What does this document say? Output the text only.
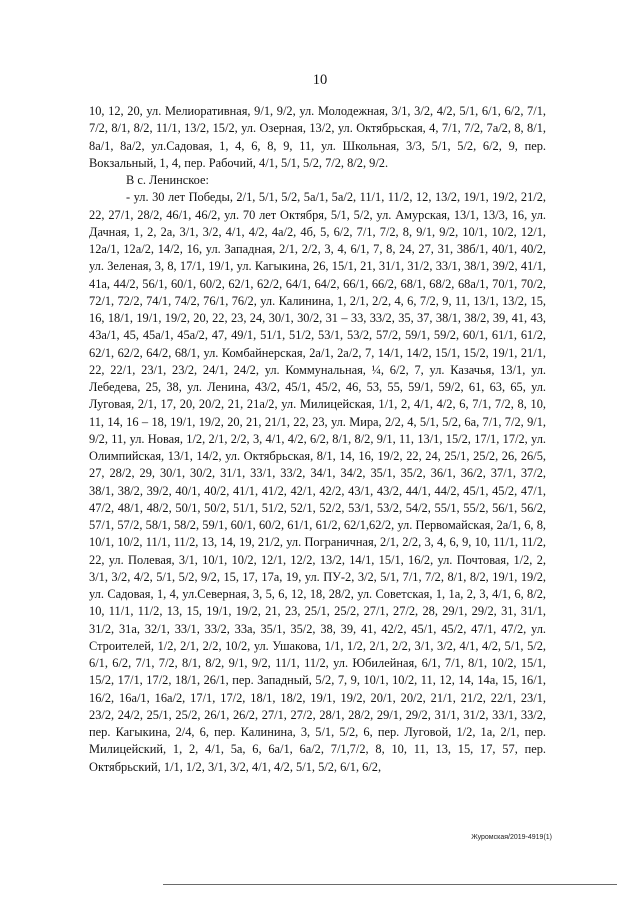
10

10, 12, 20, ул. Мелиоративная, 9/1, 9/2, ул. Молодежная, 3/1, 3/2, 4/2, 5/1, 6/1, 6/2, 7/1, 7/2, 8/1, 8/2, 11/1, 13/2, 15/2, ул. Озерная, 13/2, ул. Октябрьская, 4, 7/1, 7/2, 7а/2, 8, 8/1, 8а/1, 8а/2, ул.Садовая, 1, 4, 6, 8, 9, 11, ул. Школьная, 3/3, 5/1, 5/2, 6/2, 9, пер. Вокзальный, 1, 4, пер. Рабочий, 4/1, 5/1, 5/2, 7/2, 8/2, 9/2.

В с. Ленинское:

- ул. 30 лет Победы, 2/1, 5/1, 5/2, 5а/1, 5а/2, 11/1, 11/2, 12, 13/2, 19/1, 19/2, 21/2, 22, 27/1, 28/2, 46/1, 46/2, ул. 70 лет Октября, 5/1, 5/2, ул. Амурская, 13/1, 13/3, 16, ул. Дачная, 1, 2, 2а, 3/1, 3/2, 4/1, 4/2, 4а/2, 4б, 5, 6/2, 7/1, 7/2, 8, 9/1, 9/2, 10/1, 10/2, 12/1, 12а/1, 12а/2, 14/2, 16, ул. Западная, 2/1, 2/2, 3, 4, 6/1, 7, 8, 24, 27, 31, 38б/1, 40/1, 40/2, ул. Зеленая, 3, 8, 17/1, 19/1, ул. Кагыкина, 26, 15/1, 21, 31/1, 31/2, 33/1, 38/1, 39/2, 41/1, 41а, 44/2, 56/1, 60/1, 60/2, 62/1, 62/2, 64/1, 64/2, 66/1, 66/2, 68/1, 68/2, 68а/1, 70/1, 70/2, 72/1, 72/2, 74/1, 74/2, 76/1, 76/2, ул. Калинина, 1, 2/1, 2/2, 4, 6, 7/2, 9, 11, 13/1, 13/2, 15, 16, 18/1, 19/1, 19/2, 20, 22, 23, 24, 30/1, 30/2, 31 – 33, 33/2, 35, 37, 38/1, 38/2, 39, 41, 43, 43а/1, 45, 45а/1, 45а/2, 47, 49/1, 51/1, 51/2, 53/1, 53/2, 57/2, 59/1, 59/2, 60/1, 61/1, 61/2, 62/1, 62/2, 64/2, 68/1, ул. Комбайнерская, 2а/1, 2а/2, 7, 14/1, 14/2, 15/1, 15/2, 19/1, 21/1, 22, 22/1, 23/1, 23/2, 24/1, 24/2, ул. Коммунальная, ¼, 6/2, 7, ул. Казачья, 13/1, ул. Лебедева, 25, 38, ул. Ленина, 43/2, 45/1, 45/2, 46, 53, 55, 59/1, 59/2, 61, 63, 65, ул. Луговая, 2/1, 17, 20, 20/2, 21, 21а/2, ул. Милицейская, 1/1, 2, 4/1, 4/2, 6, 7/1, 7/2, 8, 10, 11, 14, 16 – 18, 19/1, 19/2, 20, 21, 21/1, 22, 23, ул. Мира, 2/2, 4, 5/1, 5/2, 6а, 7/1, 7/2, 9/1, 9/2, 11, ул. Новая, 1/2, 2/1, 2/2, 3, 4/1, 4/2, 6/2, 8/1, 8/2, 9/1, 11, 13/1, 15/2, 17/1, 17/2, ул. Олимпийская, 13/1, 14/2, ул. Октябрьская, 8/1, 14, 16, 19/2, 22, 24, 25/1, 25/2, 26, 26/5, 27, 28/2, 29, 30/1, 30/2, 31/1, 33/1, 33/2, 34/1, 34/2, 35/1, 35/2, 36/1, 36/2, 37/1, 37/2, 38/1, 38/2, 39/2, 40/1, 40/2, 41/1, 41/2, 42/1, 42/2, 43/1, 43/2, 44/1, 44/2, 45/1, 45/2, 47/1, 47/2, 48/1, 48/2, 50/1, 50/2, 51/1, 51/2, 52/1, 52/2, 53/1, 53/2, 54/2, 55/1, 55/2, 56/1, 56/2, 57/1, 57/2, 58/1, 58/2, 59/1, 60/1, 60/2, 61/1, 61/2, 62/1,62/2, ул. Первомайская, 2а/1, 6, 8, 10/1, 10/2, 11/1, 11/2, 13, 14, 19, 21/2, ул. Пограничная, 2/1, 2/2, 3, 4, 6, 9, 10, 11/1, 11/2, 22, ул. Полевая, 3/1, 10/1, 10/2, 12/1, 12/2, 13/2, 14/1, 15/1, 16/2, ул. Почтовая, 1/2, 2, 3/1, 3/2, 4/2, 5/1, 5/2, 9/2, 15, 17, 17а, 19, ул. ПУ-2, 3/2, 5/1, 7/1, 7/2, 8/1, 8/2, 19/1, 19/2, ул. Садовая, 1, 4, ул.Северная, 3, 5, 6, 12, 18, 28/2, ул. Советская, 1, 1а, 2, 3, 4/1, 6, 8/2, 10, 11/1, 11/2, 13, 15, 19/1, 19/2, 21, 23, 25/1, 25/2, 27/1, 27/2, 28, 29/1, 29/2, 31, 31/1, 31/2, 31а, 32/1, 33/1, 33/2, 33а, 35/1, 35/2, 38, 39, 41, 42/2, 45/1, 45/2, 47/1, 47/2, ул. Строителей, 1/2, 2/1, 2/2, 10/2, ул. Ушакова, 1/1, 1/2, 2/1, 2/2, 3/1, 3/2, 4/1, 4/2, 5/1, 5/2, 6/1, 6/2, 7/1, 7/2, 8/1, 8/2, 9/1, 9/2, 11/1, 11/2, ул. Юбилейная, 6/1, 7/1, 8/1, 10/2, 15/1, 15/2, 17/1, 17/2, 18/1, 26/1, пер. Западный, 5/2, 7, 9, 10/1, 10/2, 11, 12, 14, 14а, 15, 16/1, 16/2, 16а/1, 16а/2, 17/1, 17/2, 18/1, 18/2, 19/1, 19/2, 20/1, 20/2, 21/1, 21/2, 22/1, 23/1, 23/2, 24/2, 25/1, 25/2, 26/1, 26/2, 27/1, 27/2, 28/1, 28/2, 29/1, 29/2, 31/1, 31/2, 33/1, 33/2, пер. Кагыкина, 2/4, 6, пер. Калинина, 3, 5/1, 5/2, 6, пер. Луговой, 1/2, 1а, 2/1, пер. Милицейский, 1, 2, 4/1, 5а, 6, 6а/1, 6а/2, 7/1,7/2, 8, 10, 11, 13, 15, 17, 57, пер. Октябрьский, 1/1, 1/2, 3/1, 3/2, 4/1, 4/2, 5/1, 5/2, 6/1, 6/2,

Журомская/2019-4919(1)
